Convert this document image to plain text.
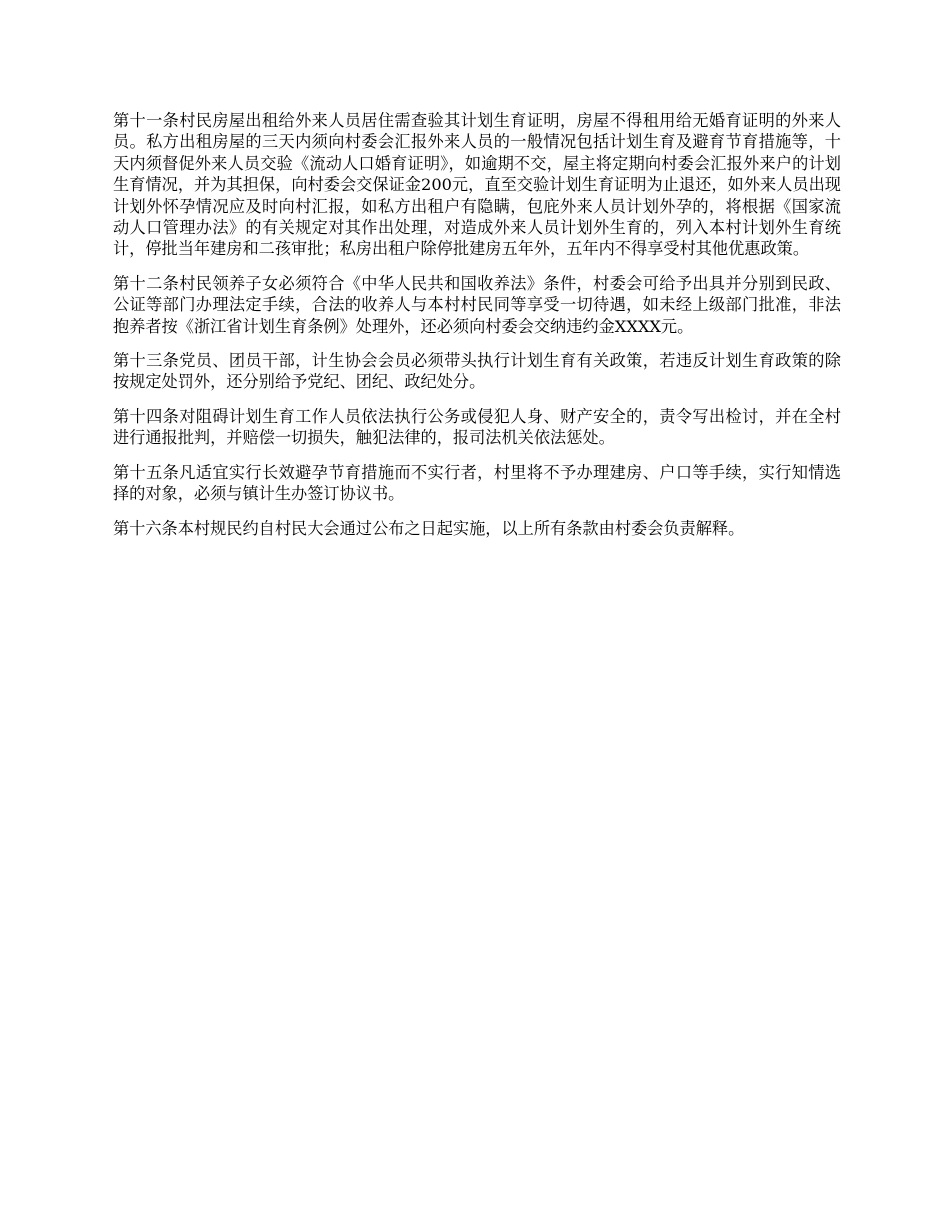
第十一条村民房屋出租给外来人员居住需查验其计划生育证明，房屋不得租用给无婚育证明的外来人员。私方出租房屋的三天内须向村委会汇报外来人员的一般情况包括计划生育及避育节育措施等，十天内须督促外来人员交验《流动人口婚育证明》，如逾期不交，屋主将定期向村委会汇报外来户的计划生育情况，并为其担保，向村委会交保证金200元，直至交验计划生育证明为止退还，如外来人员出现计划外怀孕情况应及时向村汇报，如私方出租户有隐瞒，包庇外来人员计划外孕的，将根据《国家流动人口管理办法》的有关规定对其作出处理，对造成外来人员计划外生育的，列入本村计划外生育统计，停批当年建房和二孩审批；私房出租户除停批建房五年外，五年内不得享受村其他优惠政策。

第十二条村民领养子女必须符合《中华人民共和国收养法》条件，村委会可给予出具并分别到民政、公证等部门办理法定手续，合法的收养人与本村村民同等享受一切待遇，如未经上级部门批准，非法抱养者按《浙江省计划生育条例》处理外，还必须向村委会交纳违约金XXXX元。

第十三条党员、团员干部，计生协会会员必须带头执行计划生育有关政策，若违反计划生育政策的除按规定处罚外，还分别给予党纪、团纪、政纪处分。

第十四条对阻碍计划生育工作人员依法执行公务或侵犯人身、财产安全的，责令写出检讨，并在全村进行通报批判，并赔偿一切损失，触犯法律的，报司法机关依法惩处。

第十五条凡适宜实行长效避孕节育措施而不实行者，村里将不予办理建房、户口等手续，实行知情选择的对象，必须与镇计生办签订协议书。

第十六条本村规民约自村民大会通过公布之日起实施，以上所有条款由村委会负责解释。
